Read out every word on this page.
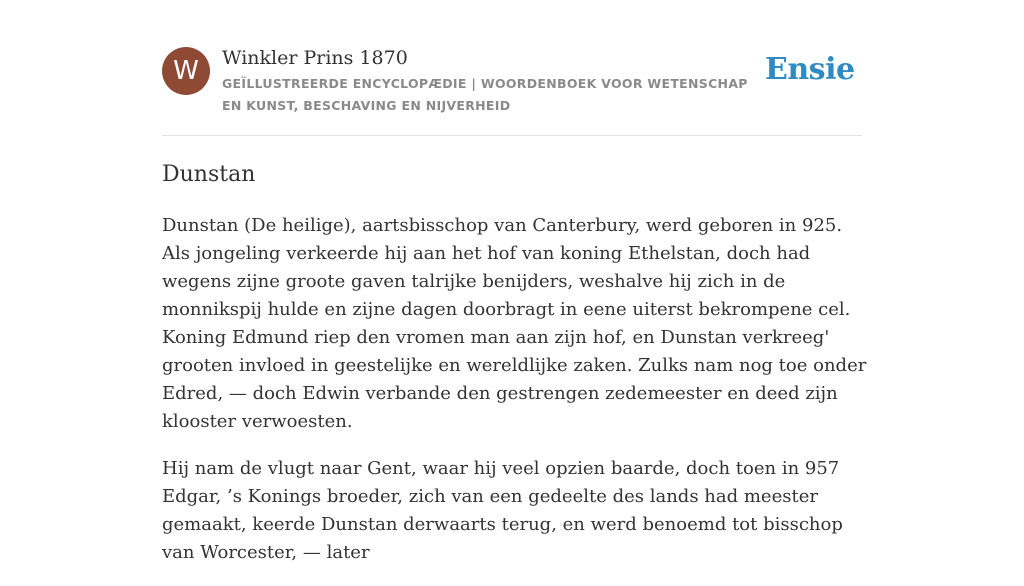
W	Winkler Prins 1870
GEÏLLUSTREERDE ENCYCLOPÆDIE | WOORDENBOEK VOOR WETENSCHAP EN KUNST, BESCHAVING EN NIJVERHEID
Ensie
Dunstan

Dunstan (De heilige), aartsbisschop van Canterbury, werd geboren in 925. Als jongeling verkeerde hij aan het hof van koning Ethelstan, doch had wegens zijne groote gaven talrijke benijders, weshalve hij zich in de monnikspij hulde en zijne dagen doorbragt in eene uiterst bekrompene cel. Koning Edmund riep den vromen man aan zijn hof, en Dunstan verkreeg' grooten invloed in geestelijke en wereldlijke zaken. Zulks nam nog toe onder Edred, — doch Edwin verbande den gestrengen zedemeester en deed zijn klooster verwoesten.

Hij nam de vlugt naar Gent, waar hij veel opzien baarde, doch toen in 957 Edgar, ’s Konings broeder, zich van een gedeelte des lands had meester gemaakt, keerde Dunstan derwaarts terug, en werd benoemd tot bisschop van Worcester, — later
